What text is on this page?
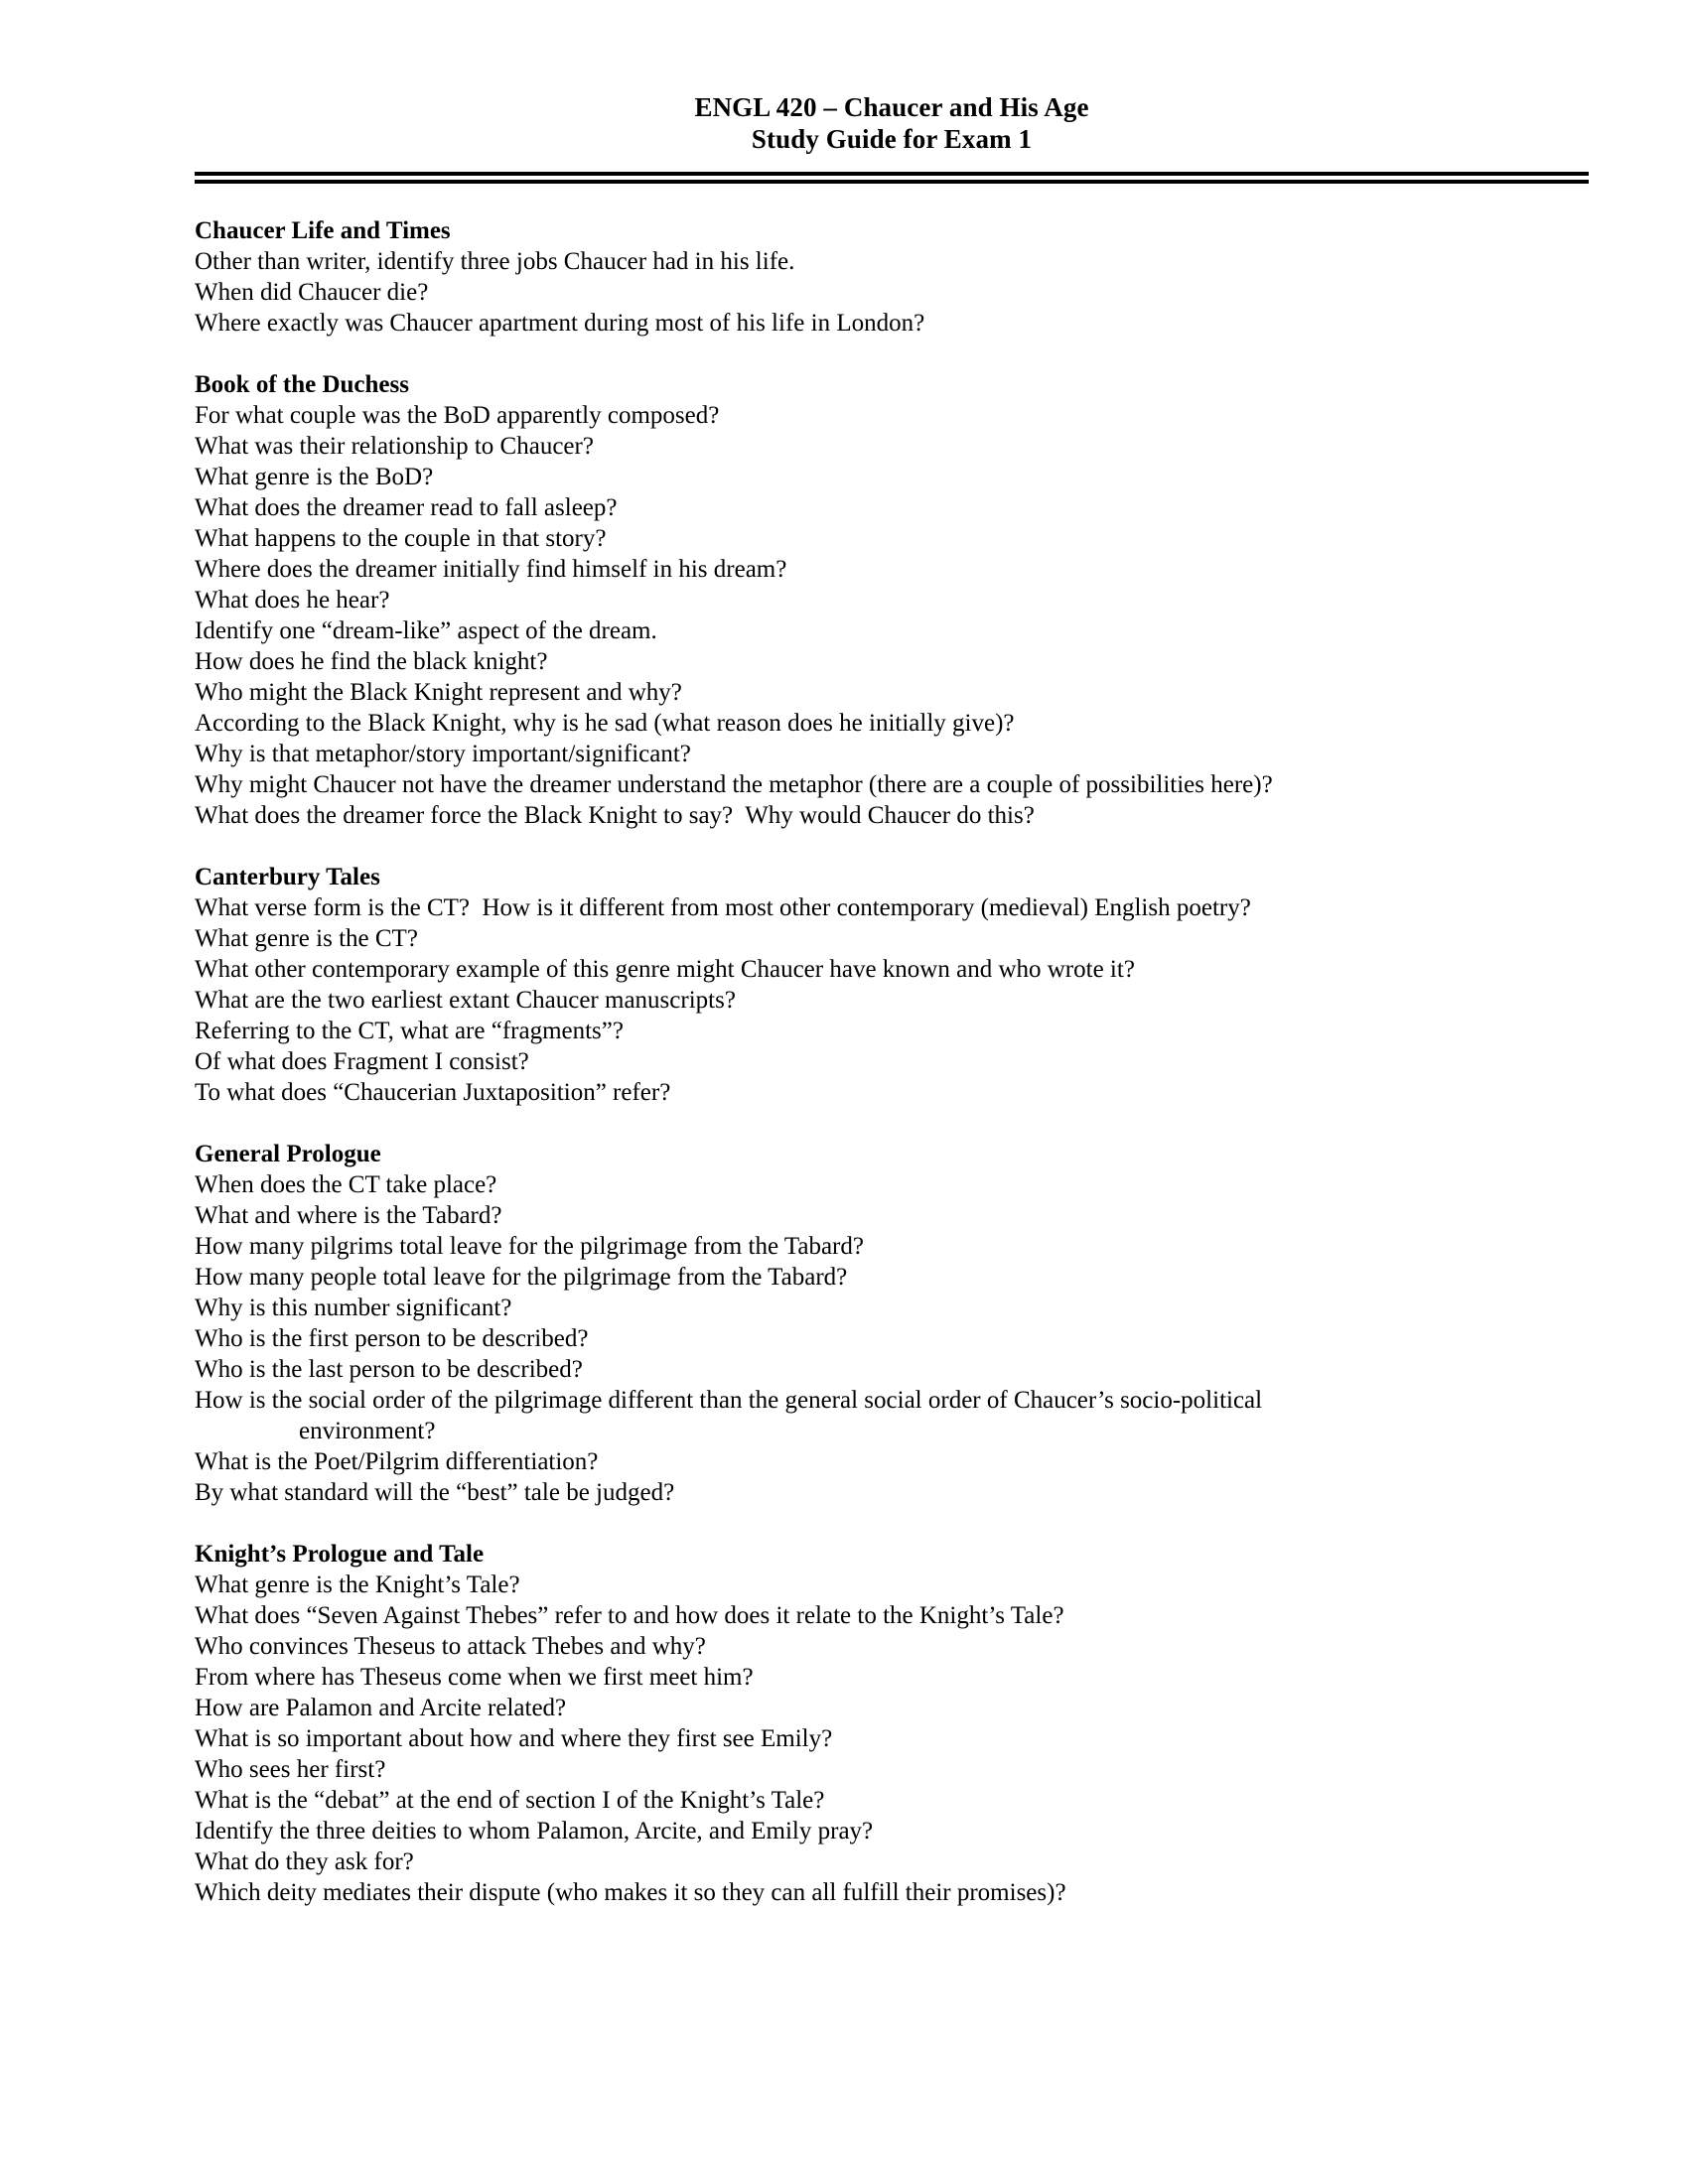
ENGL 420 – Chaucer and His Age
Study Guide for Exam 1
Chaucer Life and Times
Other than writer, identify three jobs Chaucer had in his life.
When did Chaucer die?
Where exactly was Chaucer apartment during most of his life in London?
Book of the Duchess
For what couple was the BoD apparently composed?
What was their relationship to Chaucer?
What genre is the BoD?
What does the dreamer read to fall asleep?
What happens to the couple in that story?
Where does the dreamer initially find himself in his dream?
What does he hear?
Identify one “dream-like” aspect of the dream.
How does he find the black knight?
Who might the Black Knight represent and why?
According to the Black Knight, why is he sad (what reason does he initially give)?
Why is that metaphor/story important/significant?
Why might Chaucer not have the dreamer understand the metaphor (there are a couple of possibilities here)?
What does the dreamer force the Black Knight to say?  Why would Chaucer do this?
Canterbury Tales
What verse form is the CT?  How is it different from most other contemporary (medieval) English poetry?
What genre is the CT?
What other contemporary example of this genre might Chaucer have known and who wrote it?
What are the two earliest extant Chaucer manuscripts?
Referring to the CT, what are “fragments”?
Of what does Fragment I consist?
To what does “Chaucerian Juxtaposition” refer?
General Prologue
When does the CT take place?
What and where is the Tabard?
How many pilgrims total leave for the pilgrimage from the Tabard?
How many people total leave for the pilgrimage from the Tabard?
Why is this number significant?
Who is the first person to be described?
Who is the last person to be described?
How is the social order of the pilgrimage different than the general social order of Chaucer’s socio-political
environment?
What is the Poet/Pilgrim differentiation?
By what standard will the “best” tale be judged?
Knight’s Prologue and Tale
What genre is the Knight’s Tale?
What does “Seven Against Thebes” refer to and how does it relate to the Knight’s Tale?
Who convinces Theseus to attack Thebes and why?
From where has Theseus come when we first meet him?
How are Palamon and Arcite related?
What is so important about how and where they first see Emily?
Who sees her first?
What is the “debat” at the end of section I of the Knight’s Tale?
Identify the three deities to whom Palamon, Arcite, and Emily pray?
What do they ask for?
Which deity mediates their dispute (who makes it so they can all fulfill their promises)?
